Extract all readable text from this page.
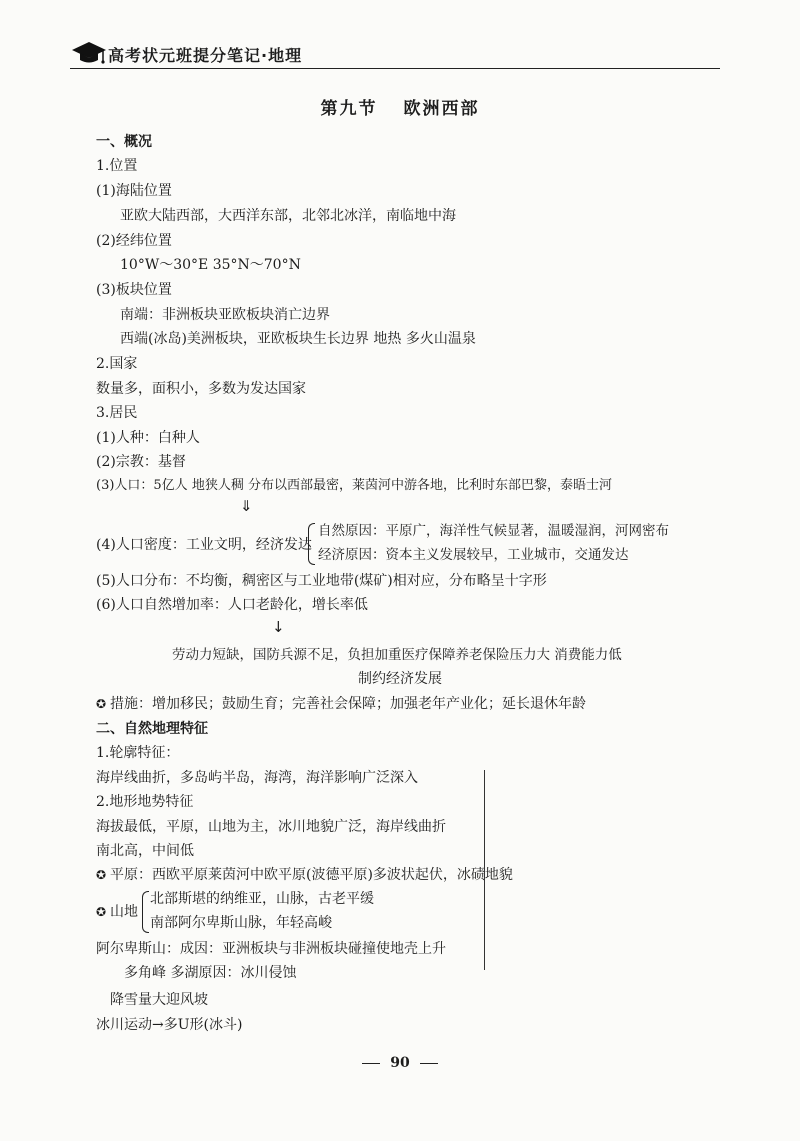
高考状元班提分笔记·地理
第九节 欧洲西部
一、概况
1.位置
(1)海陆位置
亚欧大陆西部，大西洋东部，北邻北冰洋，南临地中海
(2)经纬位置
10°W～30°E 35°N～70°N
(3)板块位置
南端：非洲板块亚欧板块消亡边界
西端(冰岛)美洲板块，亚欧板块生长边界 地热 多火山温泉
2.国家
数量多，面积小，多数为发达国家
3.居民
(1)人种：白种人
(2)宗教：基督
(3)人口：5亿人 地狭人稠 分布以西部最密，莱茵河中游各地，比利时东部巴黎，泰晤士河
⇓
(4)人口密度：工业文明，经济发达
自然原因：平原广，海洋性气候显著，温暖湿润，河网密布
经济原因：资本主义发展较早，工业城市，交通发达
(5)人口分布：不均衡，稠密区与工业地带(煤矿)相对应，分布略呈十字形
(6)人口自然增加率：人口老龄化，增长率低
↓
劳动力短缺，国防兵源不足，负担加重医疗保障养老保险压力大 消费能力低
制约经济发展
✪ 措施：增加移民；鼓励生育；完善社会保障；加强老年产业化；延长退休年龄
二、自然地理特征
1.轮廓特征：
海岸线曲折，多岛屿半岛，海湾，海洋影响广泛深入
2.地形地势特征
海拔最低，平原，山地为主，冰川地貌广泛，海岸线曲折
南北高，中间低
✪ 平原：西欧平原莱茵河中欧平原(波德平原)多波状起伏，冰碛地貌
✪ 山地
北部斯堪的纳维亚，山脉，古老平缓
南部阿尔卑斯山脉，年轻高峻
阿尔卑斯山：成因：亚洲板块与非洲板块碰撞使地壳上升
多角峰 多湖原因：冰川侵蚀
降雪量大迎风坡
冰川运动→多U形(冰斗)
90
